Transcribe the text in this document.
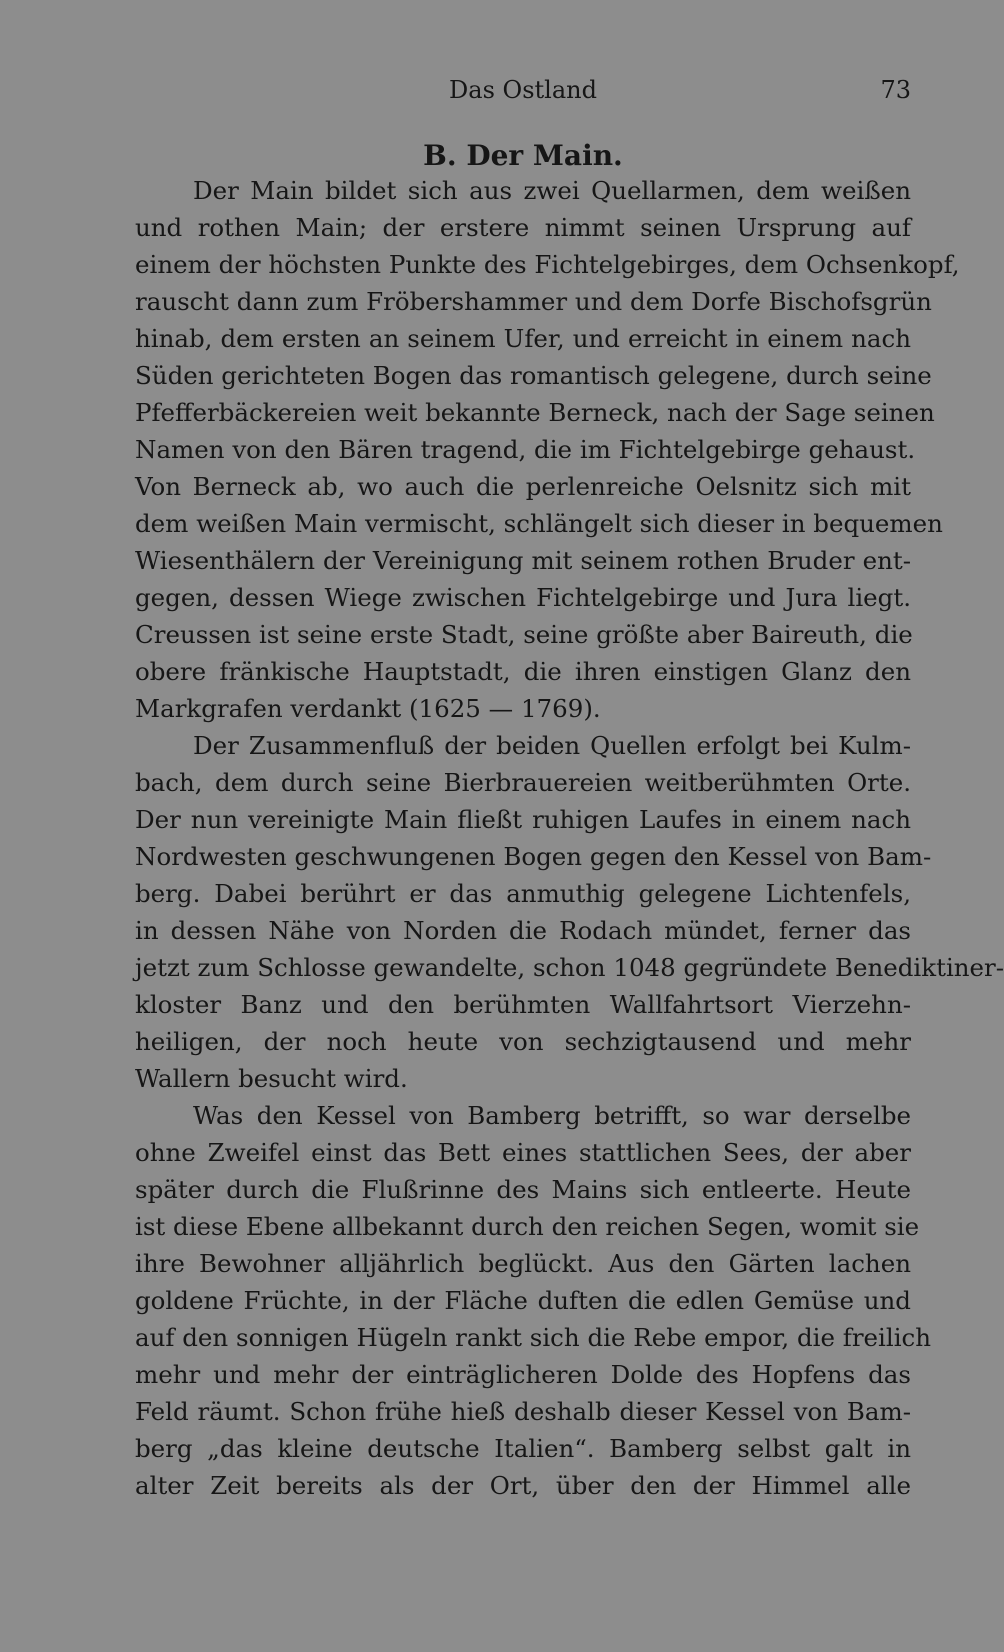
Das Ostland	73
B. Der Main.
Der Main bildet sich aus zwei Quellarmen, dem weißen
und rothen Main; der erstere nimmt seinen Ursprung auf
einem der höchsten Punkte des Fichtelgebirges, dem Ochsenkopf,
rauscht dann zum Fröbershammer und dem Dorfe Bischofsgrün
hinab, dem ersten an seinem Ufer, und erreicht in einem nach
Süden gerichteten Bogen das romantisch gelegene, durch seine
Pfefferbäckereien weit bekannte Berneck, nach der Sage seinen
Namen von den Bären tragend, die im Fichtelgebirge gehaust.
Von Berneck ab, wo auch die perlenreiche Oelsnitz sich mit
dem weißen Main vermischt, schlängelt sich dieser in bequemen
Wiesenthälern der Vereinigung mit seinem rothen Bruder ent-
gegen, dessen Wiege zwischen Fichtelgebirge und Jura liegt.
Creussen ist seine erste Stadt, seine größte aber Baireuth, die
obere fränkische Hauptstadt, die ihren einstigen Glanz den
Markgrafen verdankt (1625 — 1769).
Der Zusammenfluß der beiden Quellen erfolgt bei Kulm-
bach, dem durch seine Bierbrauereien weitberühmten Orte.
Der nun vereinigte Main fließt ruhigen Laufes in einem nach
Nordwesten geschwungenen Bogen gegen den Kessel von Bam-
berg. Dabei berührt er das anmuthig gelegene Lichtenfels,
in dessen Nähe von Norden die Rodach mündet, ferner das
jetzt zum Schlosse gewandelte, schon 1048 gegründete Benediktiner-
kloster Banz und den berühmten Wallfahrtsort Vierzehn-
heiligen, der noch heute von sechzigtausend und mehr
Wallern besucht wird.
Was den Kessel von Bamberg betrifft, so war derselbe
ohne Zweifel einst das Bett eines stattlichen Sees, der aber
später durch die Flußrinne des Mains sich entleerte. Heute
ist diese Ebene allbekannt durch den reichen Segen, womit sie
ihre Bewohner alljährlich beglückt. Aus den Gärten lachen
goldene Früchte, in der Fläche duften die edlen Gemüse und
auf den sonnigen Hügeln rankt sich die Rebe empor, die freilich
mehr und mehr der einträglicheren Dolde des Hopfens das
Feld räumt. Schon frühe hieß deshalb dieser Kessel von Bam-
berg „das kleine deutsche Italien“. Bamberg selbst galt in
alter Zeit bereits als der Ort, über den der Himmel alle
